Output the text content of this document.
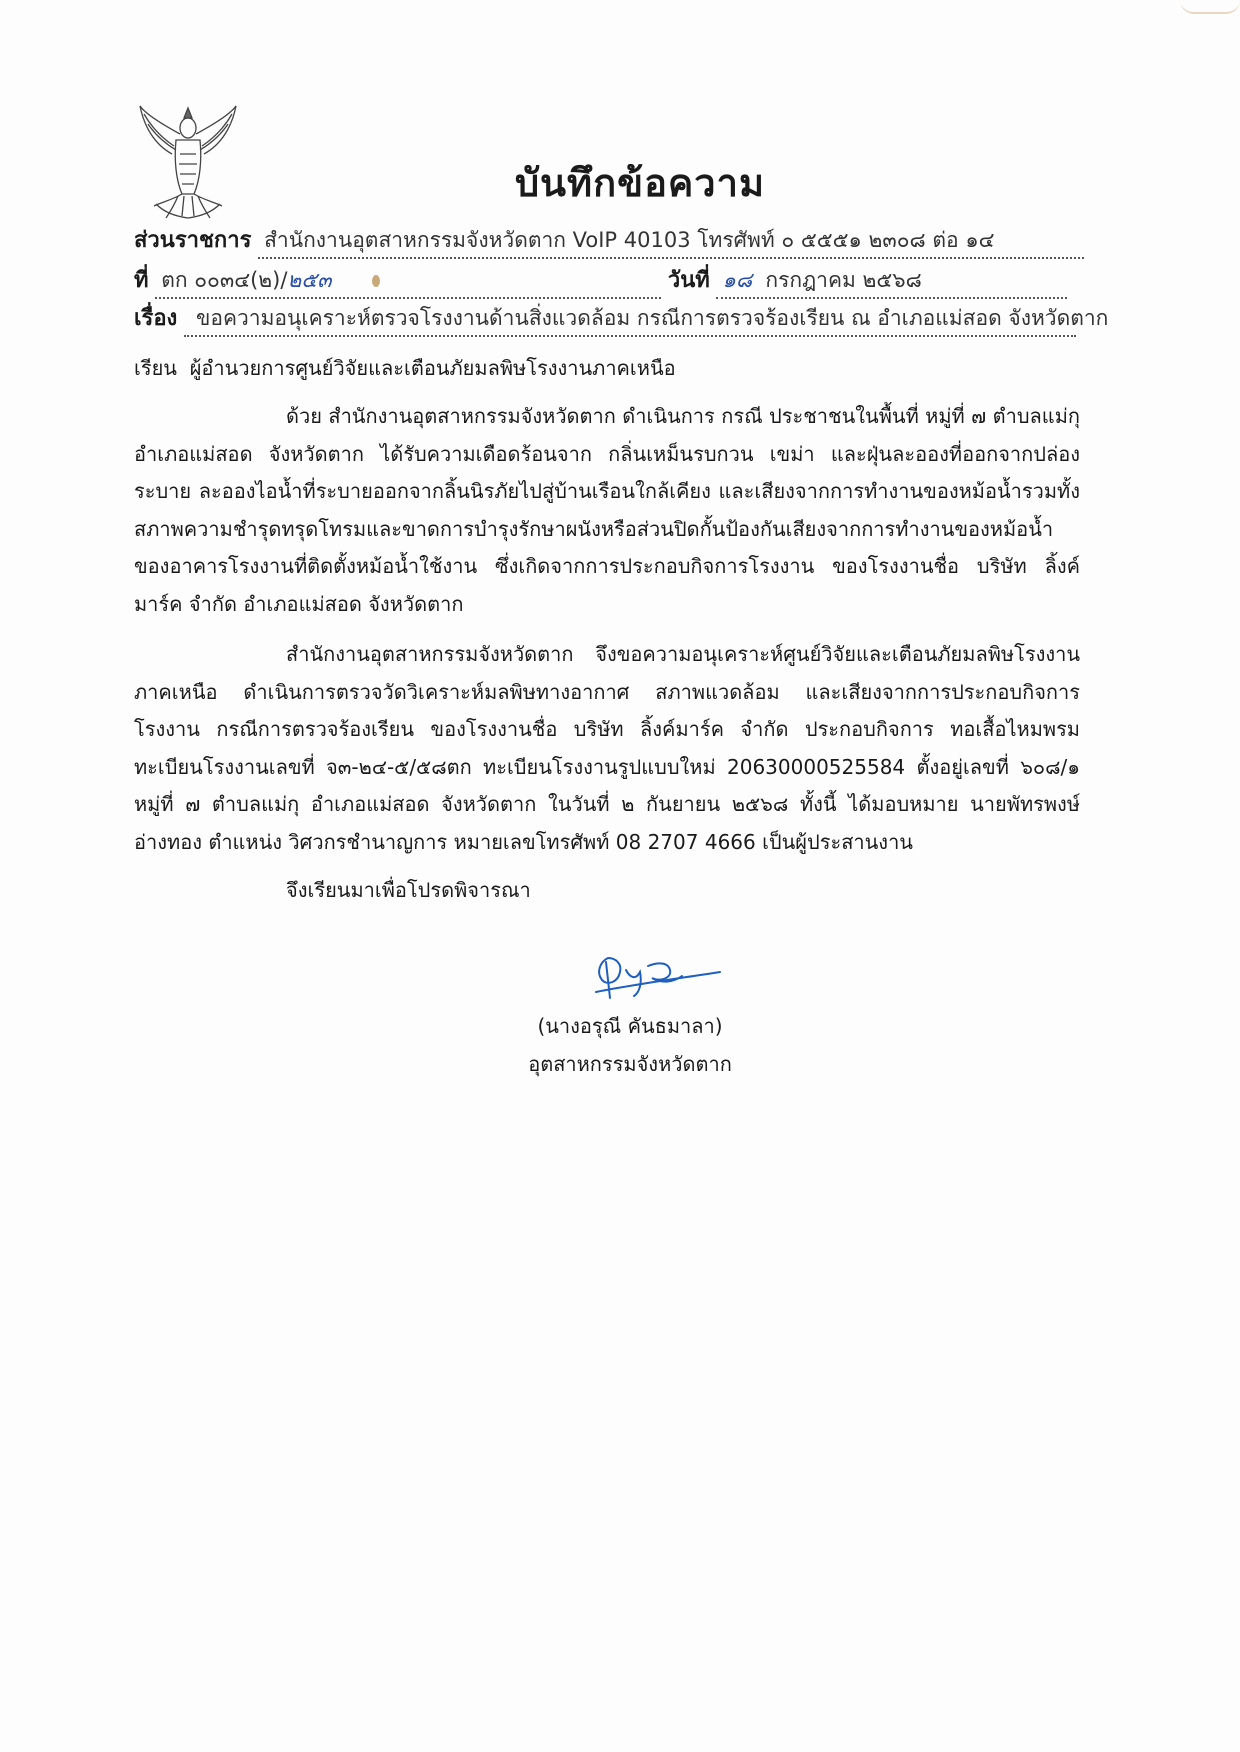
บันทึกข้อความ
ส่วนราชการ สำนักงานอุตสาหกรรมจังหวัดตาก VoIP 40103 โทรศัพท์ ๐ ๕๕๕๑ ๒๓๐๘ ต่อ ๑๔
ที่ ตก ๐๐๓๔(๒)/๒๕๓	วันที่ ๑๘ กรกฎาคม ๒๕๖๘
เรื่อง ขอความอนุเคราะห์ตรวจโรงงานด้านสิ่งแวดล้อม กรณีการตรวจร้องเรียน ณ อำเภอแม่สอด จังหวัดตาก
เรียน ผู้อำนวยการศูนย์วิจัยและเตือนภัยมลพิษโรงงานภาคเหนือ

ด้วย สำนักงานอุตสาหกรรมจังหวัดตาก ดำเนินการ กรณี ประชาชนในพื้นที่ หมู่ที่ ๗ ตำบลแม่กุ อำเภอแม่สอด จังหวัดตาก ได้รับความเดือดร้อนจาก กลิ่นเหม็นรบกวน เขม่า และฝุ่นละอองที่ออกจากปล่องระบาย ละอองไอน้ำที่ระบายออกจากลิ้นนิรภัยไปสู่บ้านเรือนใกล้เคียง และเสียงจากการทำงานของหม้อน้ำรวมทั้งสภาพความชำรุดทรุดโทรมและขาดการบำรุงรักษาผนังหรือส่วนปิดกั้นป้องกันเสียงจากการทำงานของหม้อน้ำของอาคารโรงงานที่ติดตั้งหม้อน้ำใช้งาน ซึ่งเกิดจากการประกอบกิจการโรงงาน ของโรงงานชื่อ บริษัท ลิ้งค์มาร์ค จำกัด อำเภอแม่สอด จังหวัดตาก

สำนักงานอุตสาหกรรมจังหวัดตาก จึงขอความอนุเคราะห์ศูนย์วิจัยและเตือนภัยมลพิษโรงงานภาคเหนือ ดำเนินการตรวจวัดวิเคราะห์มลพิษทางอากาศ สภาพแวดล้อม และเสียงจากการประกอบกิจการโรงงาน กรณีการตรวจร้องเรียน ของโรงงานชื่อ บริษัท ลิ้งค์มาร์ค จำกัด ประกอบกิจการ ทอเสื้อไหมพรม ทะเบียนโรงงานเลขที่ จ๓-๒๔-๕/๕๘ตก ทะเบียนโรงงานรูปแบบใหม่ 20630000525584 ตั้งอยู่เลขที่ ๖๐๘/๑ หมู่ที่ ๗ ตำบลแม่กุ อำเภอแม่สอด จังหวัดตาก ในวันที่ ๒ กันยายน ๒๕๖๘ ทั้งนี้ ได้มอบหมาย นายพัทรพงษ์ อ่างทอง ตำแหน่ง วิศวกรชำนาญการ หมายเลขโทรศัพท์ 08 2707 4666 เป็นผู้ประสานงาน

จึงเรียนมาเพื่อโปรดพิจารณา
(นางอรุณี คันธมาลา)
อุตสาหกรรมจังหวัดตาก
